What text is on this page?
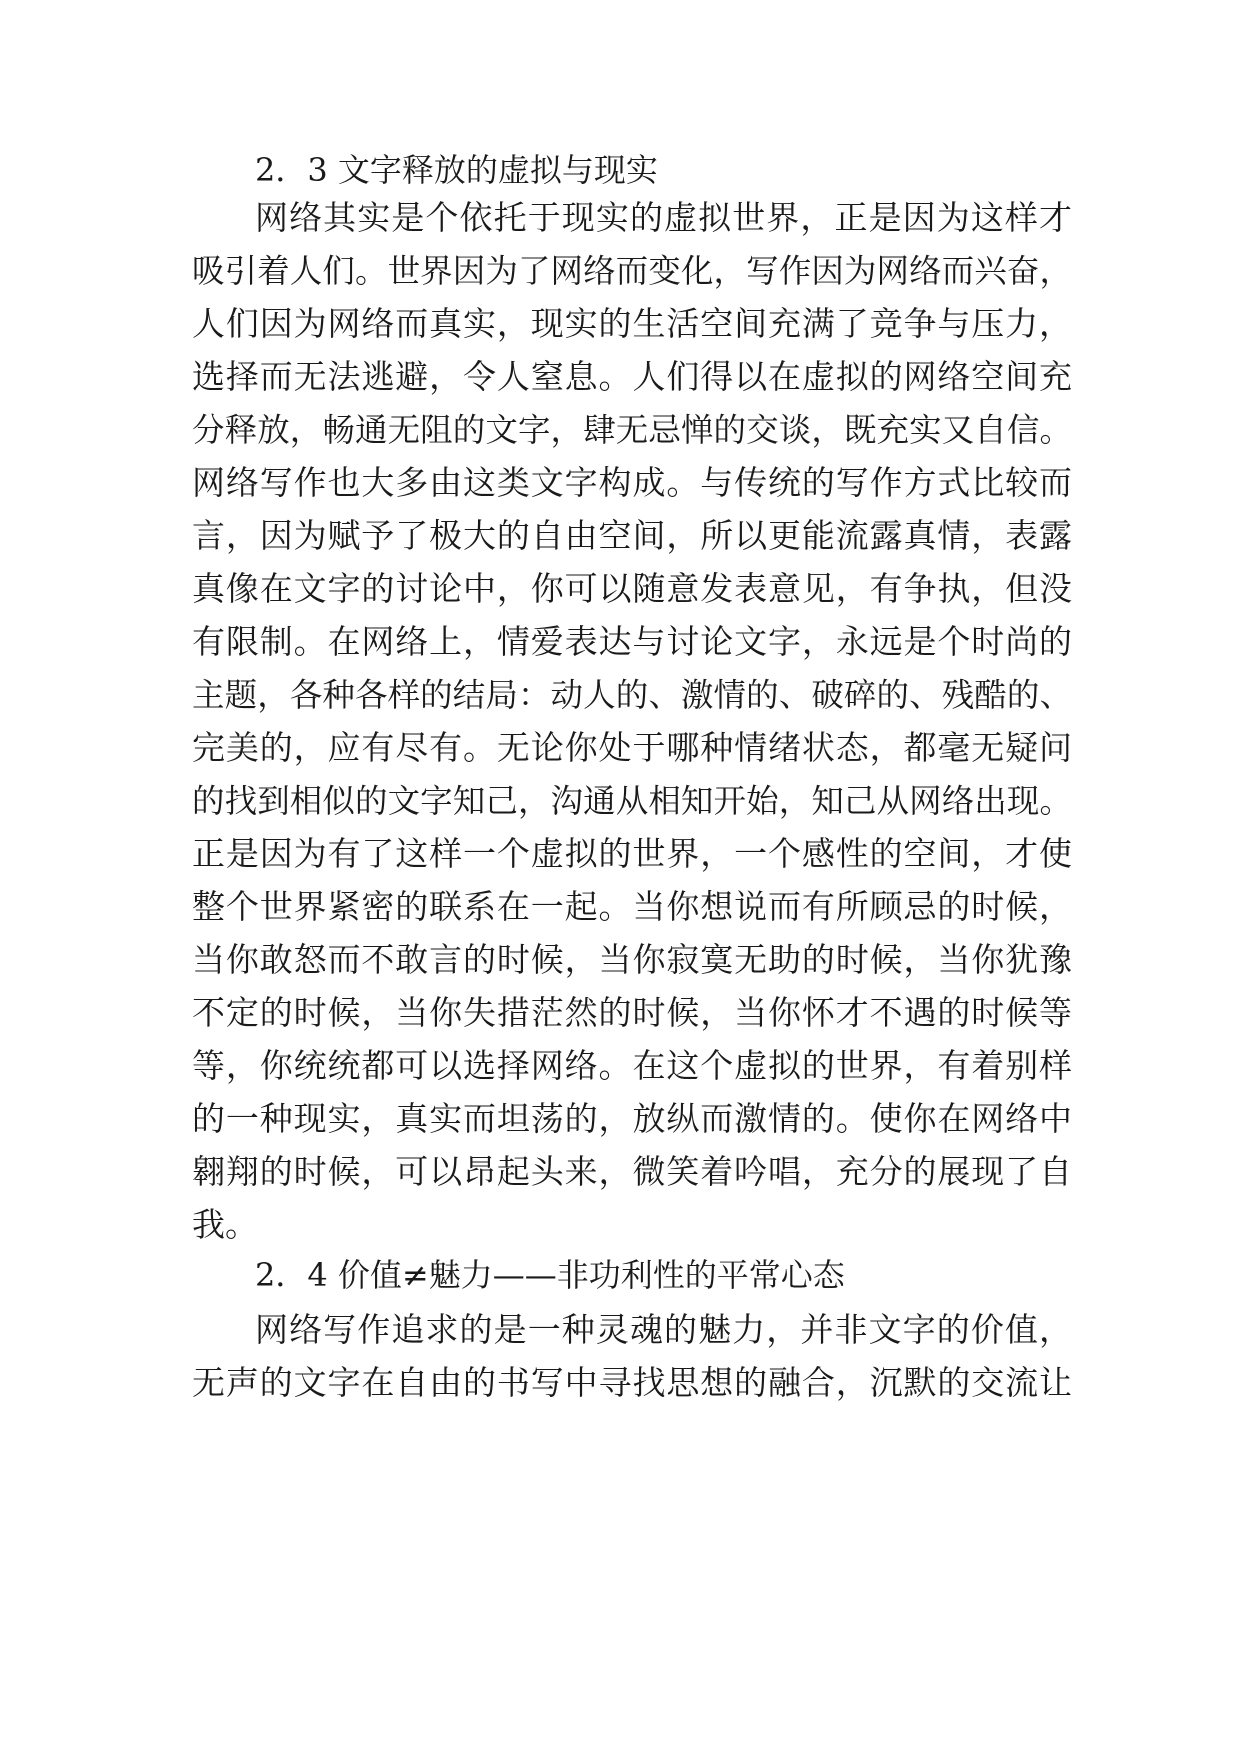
2．3 文字释放的虚拟与现实
网络其实是个依托于现实的虚拟世界，正是因为这样才
吸引着人们。世界因为了网络而变化，写作因为网络而兴奋，
人们因为网络而真实，现实的生活空间充满了竞争与压力，
选择而无法逃避，令人窒息。人们得以在虚拟的网络空间充
分释放，畅通无阻的文字，肆无忌惮的交谈，既充实又自信。
网络写作也大多由这类文字构成。与传统的写作方式比较而
言，因为赋予了极大的自由空间，所以更能流露真情，表露
真像在文字的讨论中，你可以随意发表意见，有争执，但没
有限制。在网络上，情爱表达与讨论文字，永远是个时尚的
主题，各种各样的结局：动人的、激情的、破碎的、残酷的、
完美的，应有尽有。无论你处于哪种情绪状态，都毫无疑问
的找到相似的文字知己，沟通从相知开始，知己从网络出现。
正是因为有了这样一个虚拟的世界，一个感性的空间，才使
整个世界紧密的联系在一起。当你想说而有所顾忌的时候，
当你敢怒而不敢言的时候，当你寂寞无助的时候，当你犹豫
不定的时候，当你失措茫然的时候，当你怀才不遇的时候等
等，你统统都可以选择网络。在这个虚拟的世界，有着别样
的一种现实，真实而坦荡的，放纵而激情的。使你在网络中
翱翔的时候，可以昂起头来，微笑着吟唱，充分的展现了自
我。
2．4 价值≠魅力——非功利性的平常心态
网络写作追求的是一种灵魂的魅力，并非文字的价值，
无声的文字在自由的书写中寻找思想的融合，沉默的交流让
